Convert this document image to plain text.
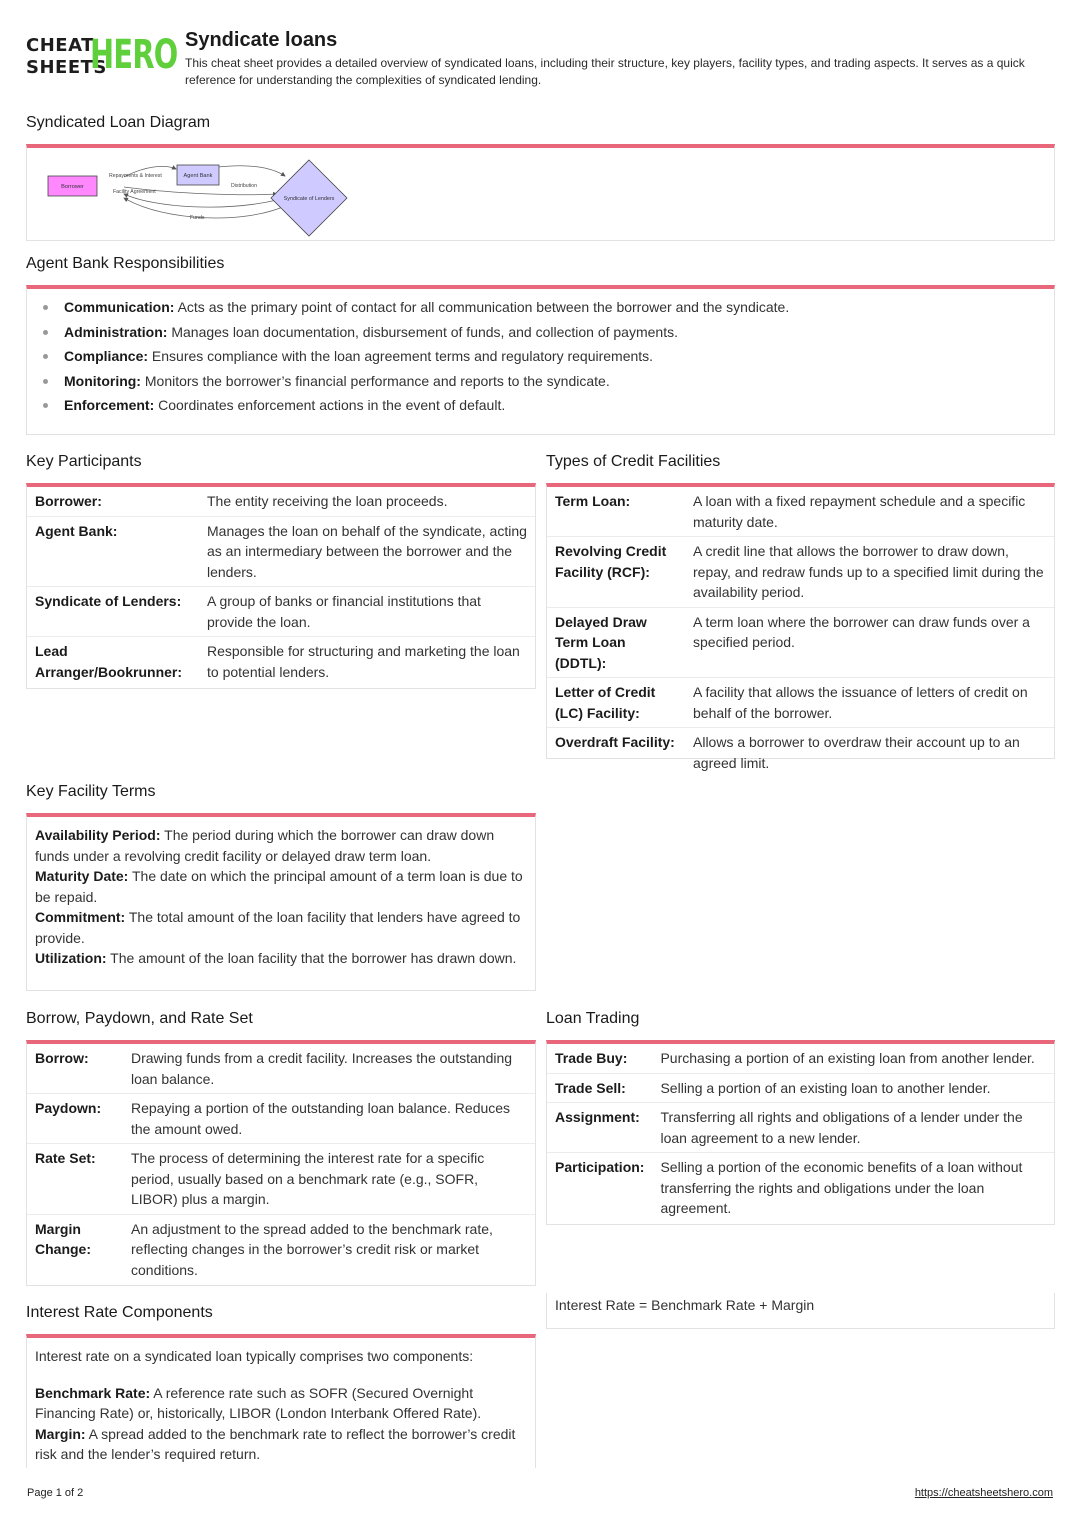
CHEAT
SHEETS
HERO Syndicate loans
This cheat sheet provides a detailed overview of syndicated loans, including their structure, key players, facility types, and trading aspects. It serves as a quick reference for understanding the complexities of syndicated lending.
Syndicated Loan Diagram
Repayments & Interest
Facility Agreement
Distribution
Funds
Borrower
Agent Bank
Syndicate of Lenders
Agent Bank Responsibilities
Communication: Acts as the primary point of contact for all communication between the borrower and the syndicate.
Administration: Manages loan documentation, disbursement of funds, and collection of payments.
Compliance: Ensures compliance with the loan agreement terms and regulatory requirements.
Monitoring: Monitors the borrower’s financial performance and reports to the syndicate.
Enforcement: Coordinates enforcement actions in the event of default.
Key Participants
Borrower:	The entity receiving the loan proceeds.
Agent Bank:	Manages the loan on behalf of the syndicate, acting as an intermediary between the borrower and the lenders.
Syndicate of Lenders:	A group of banks or financial institutions that provide the loan.
Lead Arranger/Bookrunner:	Responsible for structuring and marketing the loan to potential lenders.
Types of Credit Facilities
Term Loan:	A loan with a fixed repayment schedule and a specific maturity date.
Revolving Credit Facility (RCF):	A credit line that allows the borrower to draw down, repay, and redraw funds up to a specified limit during the availability period.
Delayed Draw Term Loan (DDTL):	A term loan where the borrower can draw funds over a specified period.
Letter of Credit (LC) Facility:	A facility that allows the issuance of letters of credit on behalf of the borrower.
Overdraft Facility:	Allows a borrower to overdraw their account up to an agreed limit.
Key Facility Terms
Availability Period: The period during which the borrower can draw down funds under a revolving credit facility or delayed draw term loan.
Maturity Date: The date on which the principal amount of a term loan is due to be repaid.
Commitment: The total amount of the loan facility that lenders have agreed to provide.
Utilization: The amount of the loan facility that the borrower has drawn down.
Borrow, Paydown, and Rate Set
Borrow:	Drawing funds from a credit facility. Increases the outstanding loan balance.
Paydown:	Repaying a portion of the outstanding loan balance. Reduces the amount owed.
Rate Set:	The process of determining the interest rate for a specific period, usually based on a benchmark rate (e.g., SOFR, LIBOR) plus a margin.
Margin Change:	An adjustment to the spread added to the benchmark rate, reflecting changes in the borrower’s credit risk or market conditions.
Loan Trading
Trade Buy:	Purchasing a portion of an existing loan from another lender.
Trade Sell:	Selling a portion of an existing loan to another lender.
Assignment:	Transferring all rights and obligations of a lender under the loan agreement to a new lender.
Participation:	Selling a portion of the economic benefits of a loan without transferring the rights and obligations under the loan agreement.
Interest Rate = Benchmark Rate + Margin
Interest Rate Components
Interest rate on a syndicated loan typically comprises two components:
Benchmark Rate: A reference rate such as SOFR (Secured Overnight Financing Rate) or, historically, LIBOR (London Interbank Offered Rate).
Margin: A spread added to the benchmark rate to reflect the borrower’s credit risk and the lender’s required return.
Page 1 of 2	https://cheatsheetshero.com
